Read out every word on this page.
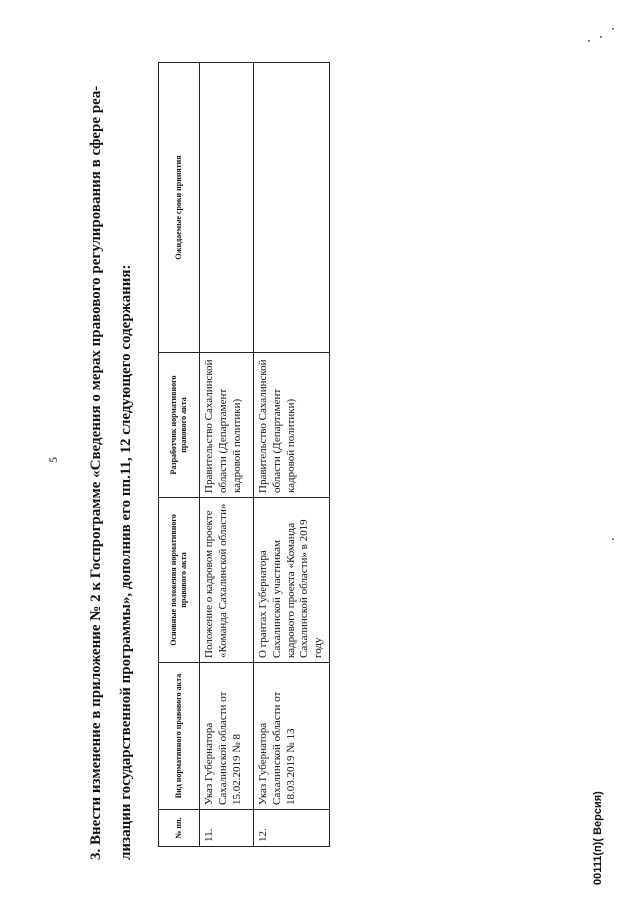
5 3. Внести изменение в приложение № 2 к Госпрограмме «Сведения о мерах правового регулирования в сфере реа- лизации государственной программы», дополнив его пп.11, 12 следующего содержания:	№ пп.	Вид нормативного правового акта	Основные положения нормативного правового акта	Разработчик нормативного правового акта	Ожидаемые сроки принятия
11.	Указ Губернатора Сахалинской области от 15.02.2019 № 8	Положение о кадровом проекте «Команда Сахалинской области»	Правительство Сахалинской области (Департамент кадровой политики)	
12.	Указ Губернатора Сахалинской области от 18.03.2019 № 13	О грантах Губернатора Сахалинской участникам кадрового проекта «Команда Сахалинской области» в 2019 году	Правительство Сахалинской области (Департамент кадровой политики)	
00111(п)( Версия)
